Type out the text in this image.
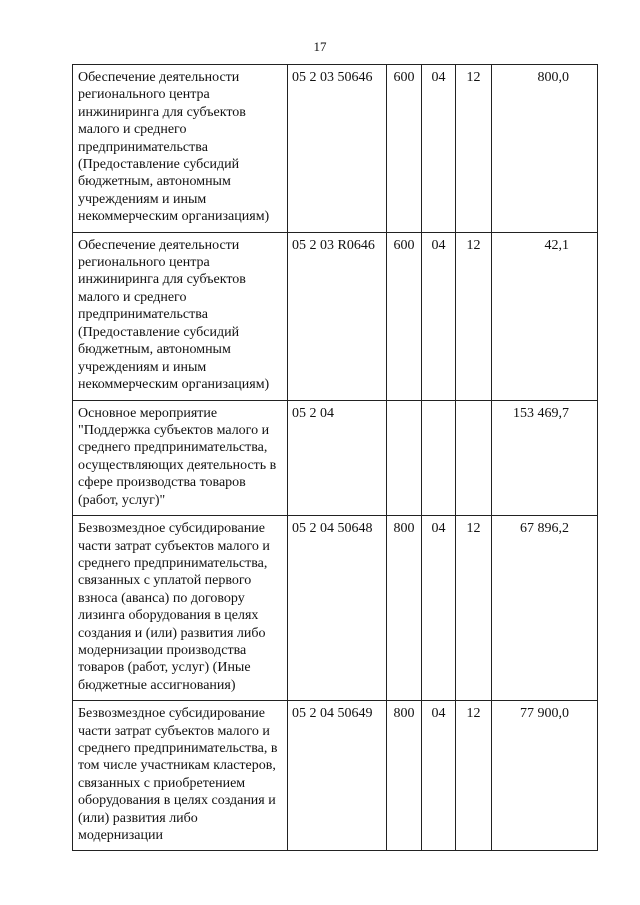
17
Обеспечение деятельности регионального центра инжиниринга для субъектов малого и среднего предпринимательства (Предоставление субсидий бюджетным, автономным учреждениям и иным некоммерческим организациям)	05 2 03 50646	600	04	12	800,0
Обеспечение деятельности регионального центра инжиниринга для субъектов малого и среднего предпринимательства (Предоставление субсидий бюджетным, автономным учреждениям и иным некоммерческим организациям)	05 2 03 R0646	600	04	12	42,1
Основное мероприятие "Поддержка субъектов малого и среднего предпринимательства, осуществляющих деятельность в сфере производства товаров (работ, услуг)"	05 2 04				153 469,7
Безвозмездное субсидирование части затрат субъектов малого и среднего предпринимательства, связанных с уплатой первого взноса (аванса) по договору лизинга оборудования в целях создания и (или) развития либо модернизации производства товаров (работ, услуг) (Иные бюджетные ассигнования)	05 2 04 50648	800	04	12	67 896,2
Безвозмездное субсидирование части затрат субъектов малого и среднего предпринимательства, в том числе участникам кластеров, связанных с приобретением оборудования в целях создания и (или) развития либо модернизации	05 2 04 50649	800	04	12	77 900,0
